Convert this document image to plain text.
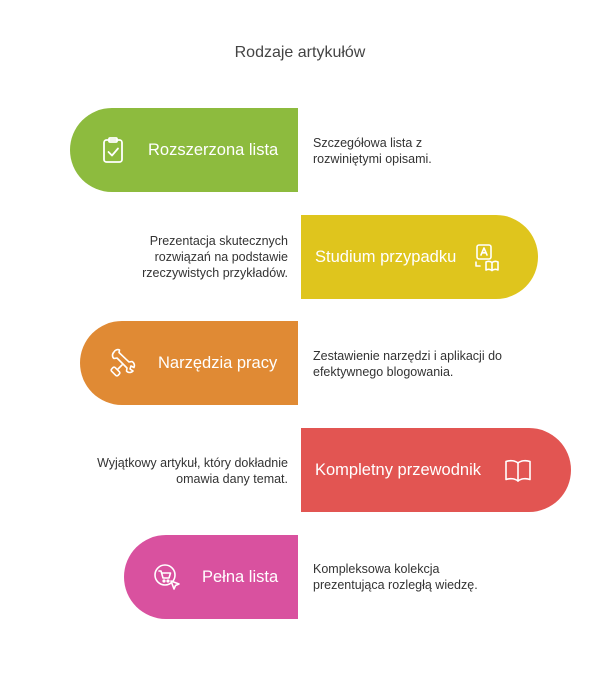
Rodzaje artykułów
Rozszerzona lista	Szczegółowa lista z rozwiniętymi opisami.
Studium przypadku
Prezentacja skutecznych rozwiązań na podstawie rzeczywistych przykładów.
Narzędzia pracy	Zestawienie narzędzi i aplikacji do efektywnego blogowania.
Kompletny przewodnik
Wyjątkowy artykuł, który dokładnie omawia dany temat.
Pełna lista	Kompleksowa kolekcja prezentująca rozległą wiedzę.
